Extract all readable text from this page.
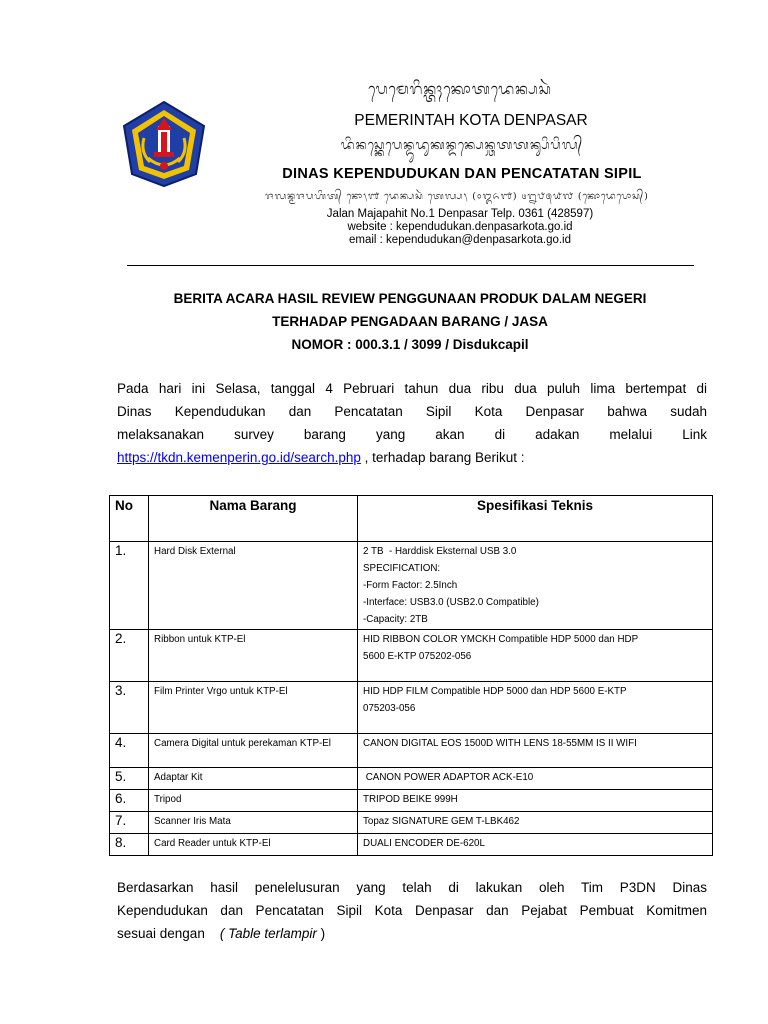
ᬧᬾᬫᬾᬭᬶᬦ᭄ᬢᬄᬓᭀᬢᬤᬾᬦ᭄ᬧᬲᬃ
PEMERINTAH KOTA DENPASAR
ᬤᬶᬦᬲ᭄ᬓᬾᬧᬾᬦ᭄ᬤᬸᬤᬸᬓᬦ᭄ᬤᬦ᭄ᬧᬾᬦ᭄ᬘᬢᬢᬦ᭄ᬲᬶᬧᬶᬮ᭄
DINAS KEPENDUDUKAN DAN PENCATATAN SIPIL
ᬚᬮᬦ᭄ᬫᬚᬧᬳᬶᬢ᭄ ᬦᭀ᭞᭑ ᬤᬾᬦ᭄ᬧᬲᬃ ᬢᬾᬮ᭄ᬧ᭞ (᭐᭓᭖᭑) ᭔᭒᭘᭕᭙᭗ (ᬓᭀᬤᬾᬧᭀᬲ᭄)
Jalan Majapahit No.1 Denpasar Telp. 0361 (428597)
website : kependudukan.denpasarkota.go.id
email : kependudukan@denpasarkota.go.id
BERITA ACARA HASIL REVIEW PENGGUNAAN PRODUK DALAM NEGERI
TERHADAP PENGADAAN BARANG / JASA
NOMOR : 000.3.1 / 3099 / Disdukcapil
Pada hari ini Selasa, tanggal 4 Pebruari tahun dua ribu dua puluh lima bertempat di
Dinas Kependudukan dan Pencatatan Sipil Kota Denpasar bahwa sudah
melaksanakan survey barang yang akan di adakan melalui Link
https://tkdn.kemenperin.go.id/search.php , terhadap barang Berikut :
No	Nama Barang	Spesifikasi Teknis
1.	Hard Disk External	2 TB  - Harddisk Eksternal USB 3.0
SPECIFICATION:
-Form Factor: 2.5Inch
-Interface: USB3.0 (USB2.0 Compatible)
-Capacity: 2TB

2.	Ribbon untuk KTP-El	HID RIBBON COLOR YMCKH Compatible HDP 5000 dan HDP
5600 E-KTP 075202-056

3.	Film Printer Vrgo untuk KTP-El	HID HDP FILM Compatible HDP 5000 dan HDP 5600 E-KTP
075203-056

4.	Camera Digital untuk perekaman KTP-El	CANON DIGITAL EOS 1500D WITH LENS 18-55MM IS II WIFI

5.	Adaptar Kit	CANON POWER ADAPTOR ACK-E10

6.	Tripod	TRIPOD BEIKE 999H

7.	Scanner Iris Mata	Topaz SIGNATURE GEM T-LBK462

8.	Card Reader untuk KTP-El	DUALI ENCODER DE-620L
Berdasarkan hasil penelelusuran yang telah di lakukan oleh Tim P3DN Dinas
Kependudukan dan Pencatatan Sipil Kota Denpasar dan Pejabat Pembuat Komitmen
sesuai dengan    ( Table terlampir )
